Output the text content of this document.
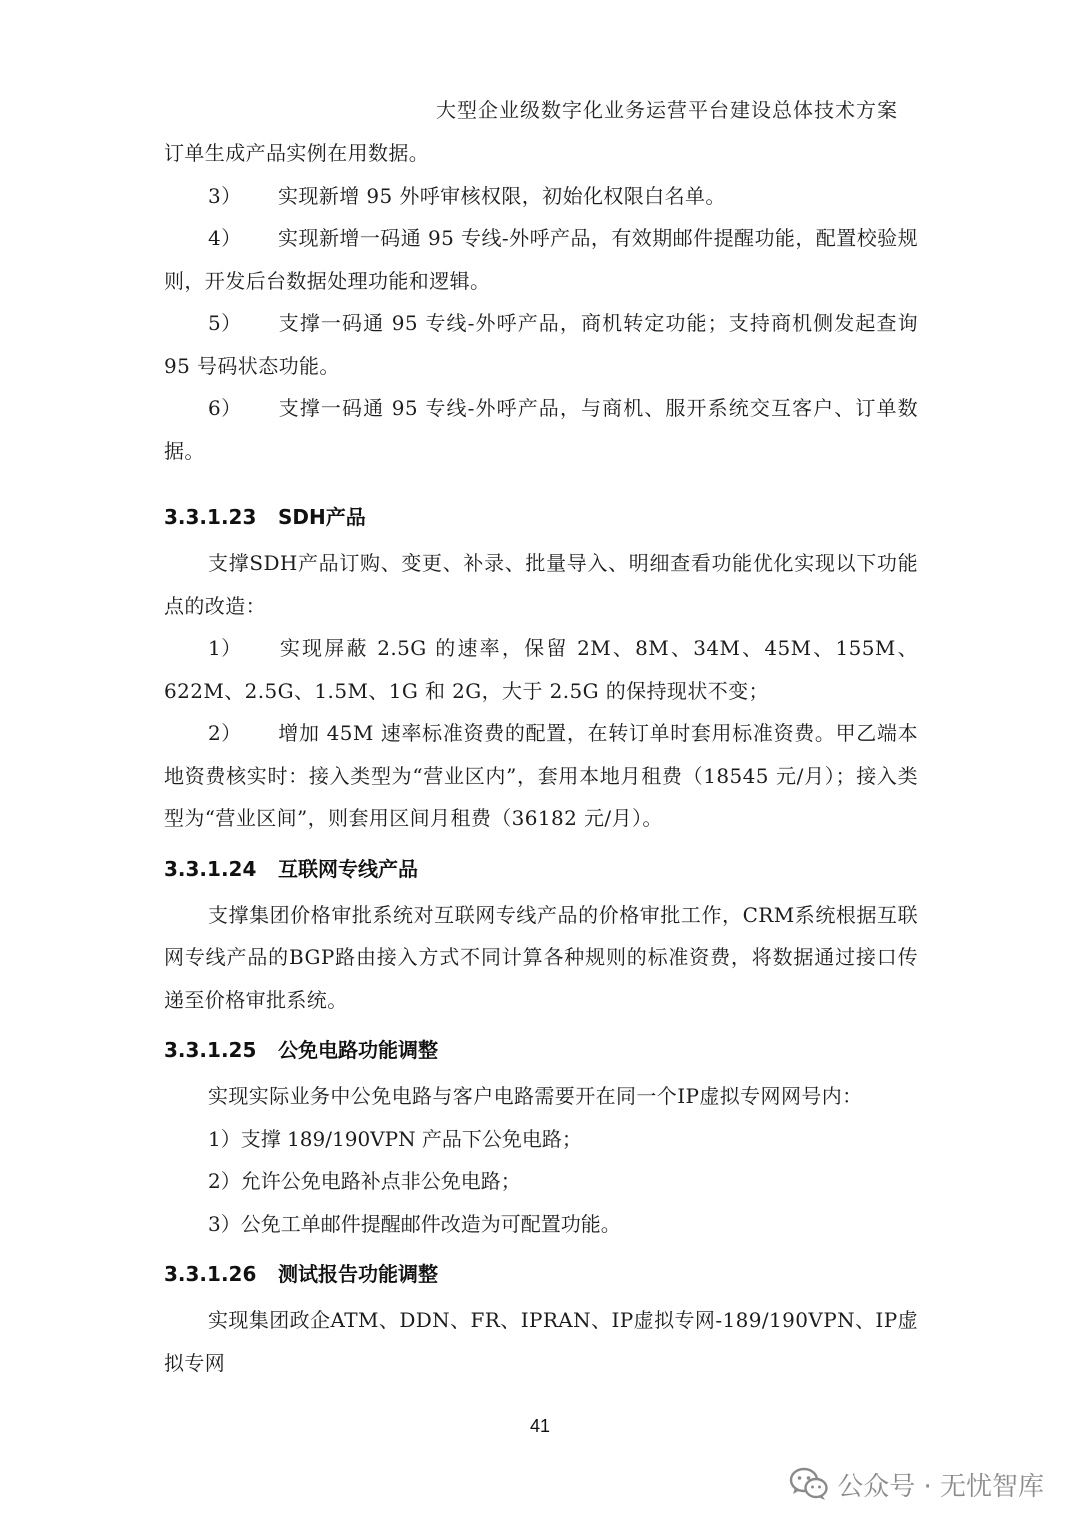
大型企业级数字化业务运营平台建设总体技术方案

订单生成产品实例在用数据。

3） 实现新增 95 外呼审核权限，初始化权限白名单。

4） 实现新增一码通 95 专线-外呼产品，有效期邮件提醒功能，配置校验规则，开发后台数据处理功能和逻辑。

5） 支撑一码通 95 专线-外呼产品，商机转定功能；支持商机侧发起查询 95 号码状态功能。

6） 支撑一码通 95 专线-外呼产品，与商机、服开系统交互客户、订单数据。

3.3.1.23 SDH产品

支撑SDH产品订购、变更、补录、批量导入、明细查看功能优化实现以下功能点的改造：

1） 实现屏蔽 2.5G 的速率，保留 2M、8M、34M、45M、155M、622M、2.5G、1.5M、1G 和 2G，大于 2.5G 的保持现状不变；

2） 增加 45M 速率标准资费的配置，在转订单时套用标准资费。甲乙端本地资费核实时：接入类型为“营业区内”，套用本地月租费（18545 元/月）；接入类型为“营业区间”，则套用区间月租费（36182 元/月）。

3.3.1.24 互联网专线产品

支撑集团价格审批系统对互联网专线产品的价格审批工作，CRM系统根据互联网专线产品的BGP路由接入方式不同计算各种规则的标准资费，将数据通过接口传递至价格审批系统。

3.3.1.25 公免电路功能调整

实现实际业务中公免电路与客户电路需要开在同一个IP虚拟专网网号内：

1）支撑 189/190VPN 产品下公免电路；

2）允许公免电路补点非公免电路；

3）公免工单邮件提醒邮件改造为可配置功能。

3.3.1.26 测试报告功能调整

实现集团政企ATM、DDN、FR、IPRAN、IP虚拟专网-189/190VPN、IP虚拟专网

41
公众号 · 无忧智库
